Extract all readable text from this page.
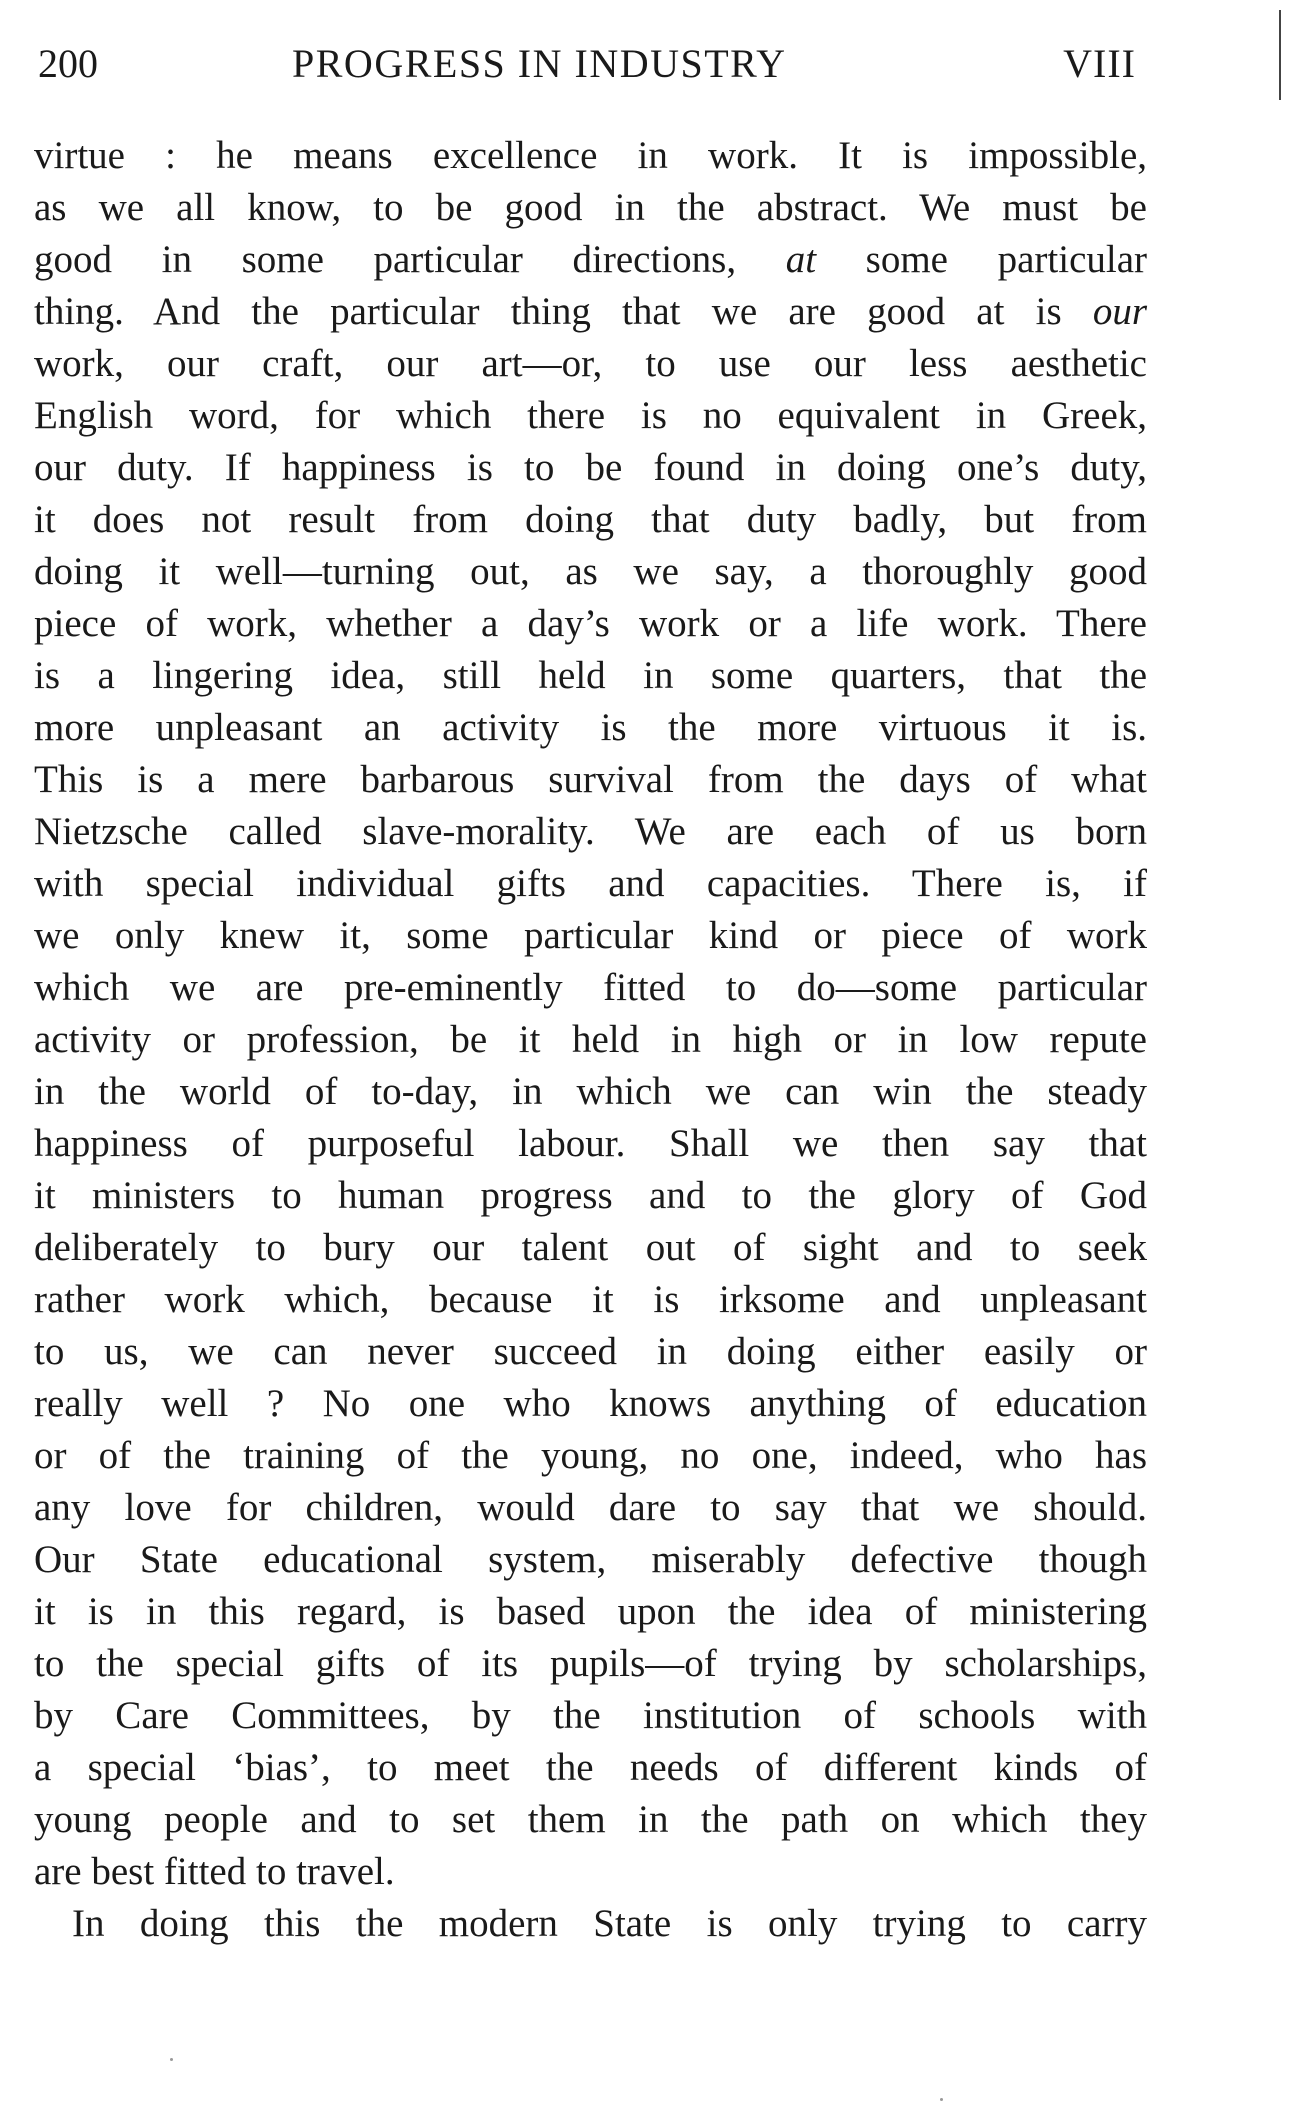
200	PROGRESS IN INDUSTRY	VIII
virtue : he means excellence in work. It is impossible,
as we all know, to be good in the abstract. We must be
good in some particular directions, at some particular
thing. And the particular thing that we are good at is our
work, our craft, our art—or, to use our less aesthetic
English word, for which there is no equivalent in Greek,
our duty. If happiness is to be found in doing one’s duty,
it does not result from doing that duty badly, but from
doing it well—turning out, as we say, a thoroughly good
piece of work, whether a day’s work or a life work. There
is a lingering idea, still held in some quarters, that the
more unpleasant an activity is the more virtuous it is.
This is a mere barbarous survival from the days of what
Nietzsche called slave-morality. We are each of us born
with special individual gifts and capacities. There is, if
we only knew it, some particular kind or piece of work
which we are pre-eminently fitted to do—some particular
activity or profession, be it held in high or in low repute
in the world of to-day, in which we can win the steady
happiness of purposeful labour. Shall we then say that
it ministers to human progress and to the glory of God
deliberately to bury our talent out of sight and to seek
rather work which, because it is irksome and unpleasant
to us, we can never succeed in doing either easily or
really well ? No one who knows anything of education
or of the training of the young, no one, indeed, who has
any love for children, would dare to say that we should.
Our State educational system, miserably defective though
it is in this regard, is based upon the idea of ministering
to the special gifts of its pupils—of trying by scholarships,
by Care Committees, by the institution of schools with
a special ‘bias’, to meet the needs of different kinds of
young people and to set them in the path on which they
are best fitted to travel.
In doing this the modern State is only trying to carry
